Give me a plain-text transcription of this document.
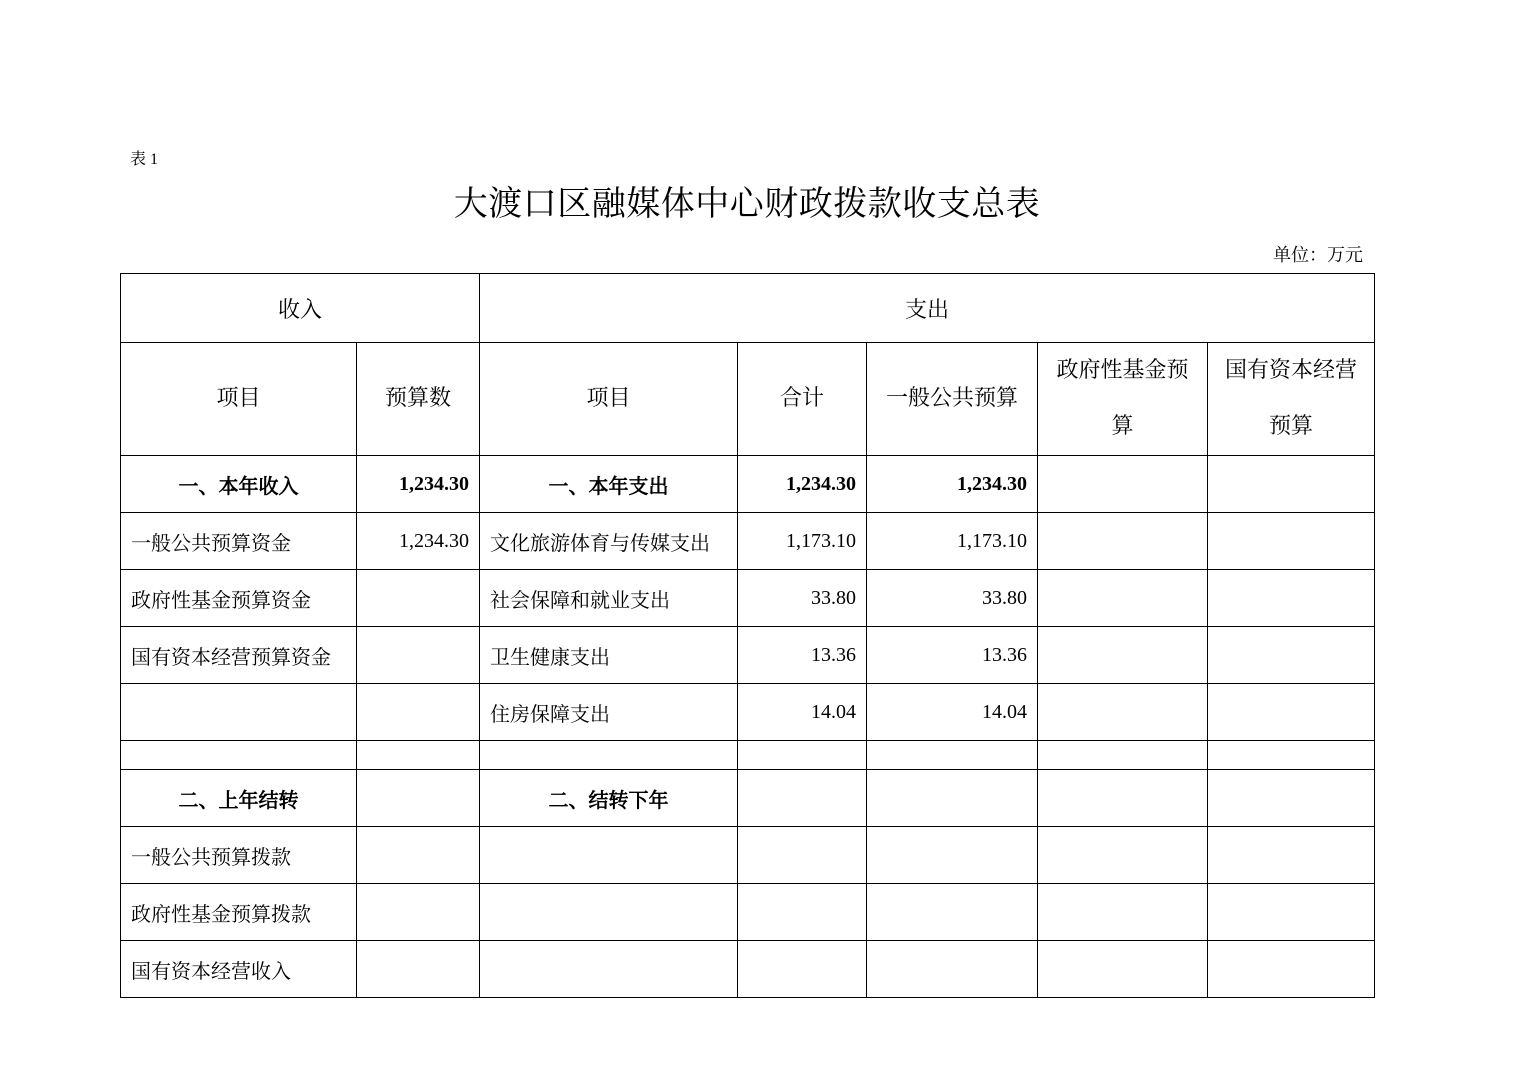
表 1
大渡口区融媒体中心财政拨款收支总表
单位：万元
收入		支出				
项目	预算数	项目	合计	一般公共预算	政府性基金预算	国有资本经营预算
一、本年收入	1,234.30	一、本年支出	1,234.30	1,234.30		
一般公共预算资金	1,234.30	文化旅游体育与传媒支出	1,173.10	1,173.10		
政府性基金预算资金		社会保障和就业支出	33.80	33.80		
国有资本经营预算资金		卫生健康支出	13.36	13.36		
		住房保障支出	14.04	14.04		

二、上年结转		二、结转下年				
一般公共预算拨款						
政府性基金预算拨款						
国有资本经营收入						
